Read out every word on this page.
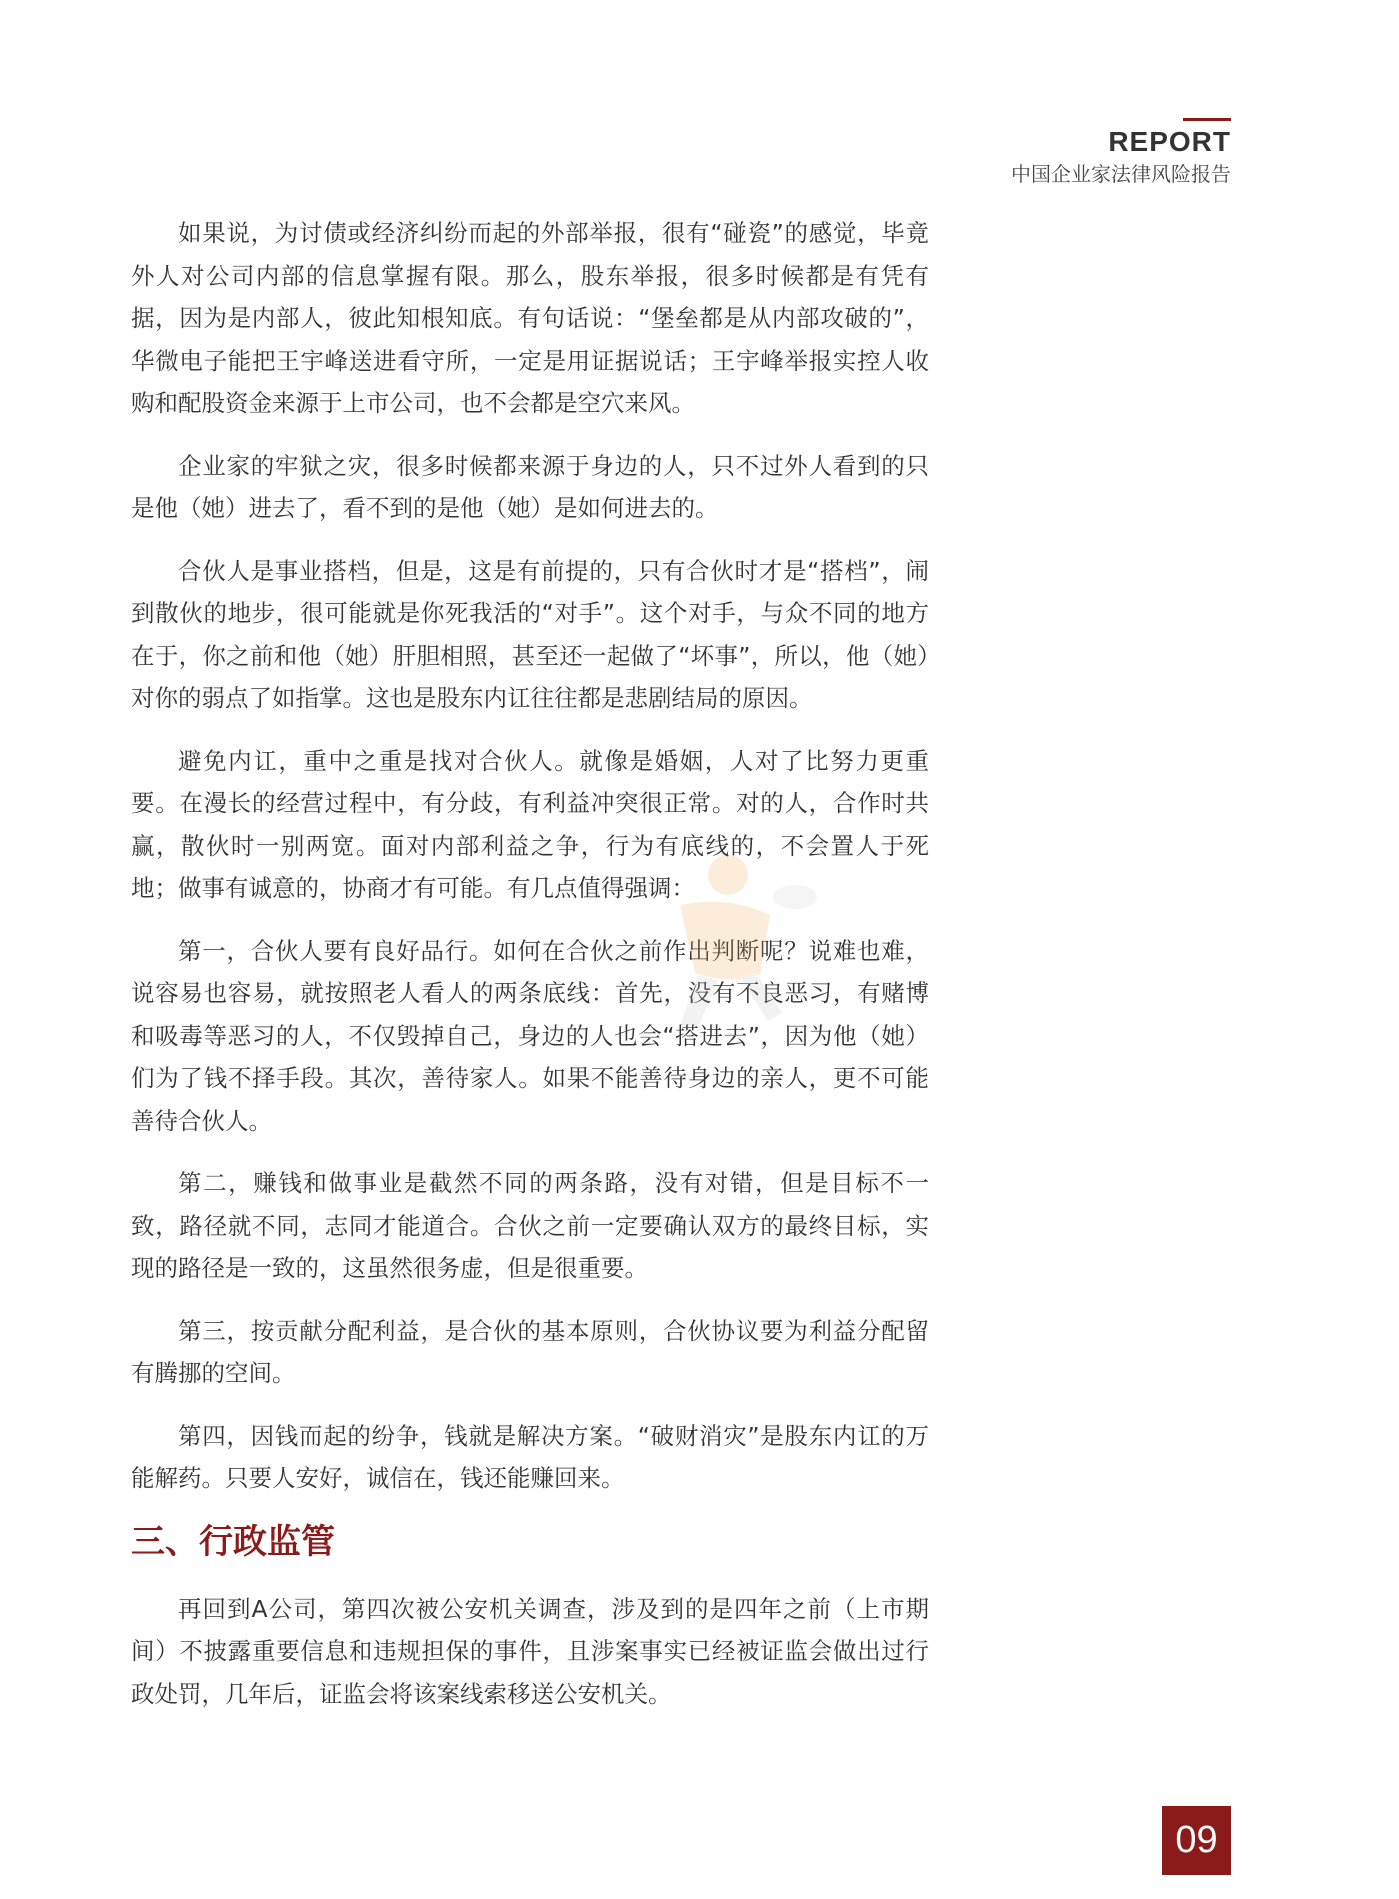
REPORT
中国企业家法律风险报告

如果说，为讨债或经济纠纷而起的外部举报，很有“碰瓷”的感觉，毕竟外人对公司内部的信息掌握有限。那么，股东举报，很多时候都是有凭有据，因为是内部人，彼此知根知底。有句话说：“堡垒都是从内部攻破的”，华微电子能把王宇峰送进看守所，一定是用证据说话；王宇峰举报实控人收购和配股资金来源于上市公司，也不会都是空穴来风。

企业家的牢狱之灾，很多时候都来源于身边的人，只不过外人看到的只是他（她）进去了，看不到的是他（她）是如何进去的。

合伙人是事业搭档，但是，这是有前提的，只有合伙时才是“搭档”，闹到散伙的地步，很可能就是你死我活的“对手”。这个对手，与众不同的地方在于，你之前和他（她）肝胆相照，甚至还一起做了“坏事”，所以，他（她）对你的弱点了如指掌。这也是股东内讧往往都是悲剧结局的原因。

避免内讧，重中之重是找对合伙人。就像是婚姻，人对了比努力更重要。在漫长的经营过程中，有分歧，有利益冲突很正常。对的人，合作时共赢，散伙时一别两宽。面对内部利益之争，行为有底线的，不会置人于死地；做事有诚意的，协商才有可能。有几点值得强调：

第一，合伙人要有良好品行。如何在合伙之前作出判断呢？说难也难，说容易也容易，就按照老人看人的两条底线：首先，没有不良恶习，有赌博和吸毒等恶习的人，不仅毁掉自己，身边的人也会“搭进去”，因为他（她）们为了钱不择手段。其次，善待家人。如果不能善待身边的亲人，更不可能善待合伙人。

第二，赚钱和做事业是截然不同的两条路，没有对错，但是目标不一致，路径就不同，志同才能道合。合伙之前一定要确认双方的最终目标，实现的路径是一致的，这虽然很务虚，但是很重要。

第三，按贡献分配利益，是合伙的基本原则，合伙协议要为利益分配留有腾挪的空间。

第四，因钱而起的纷争，钱就是解决方案。“破财消灾”是股东内讧的万能解药。只要人安好，诚信在，钱还能赚回来。

三、行政监管

再回到A公司，第四次被公安机关调查，涉及到的是四年之前（上市期间）不披露重要信息和违规担保的事件，且涉案事实已经被证监会做出过行政处罚，几年后，证监会将该案线索移送公安机关。

09
